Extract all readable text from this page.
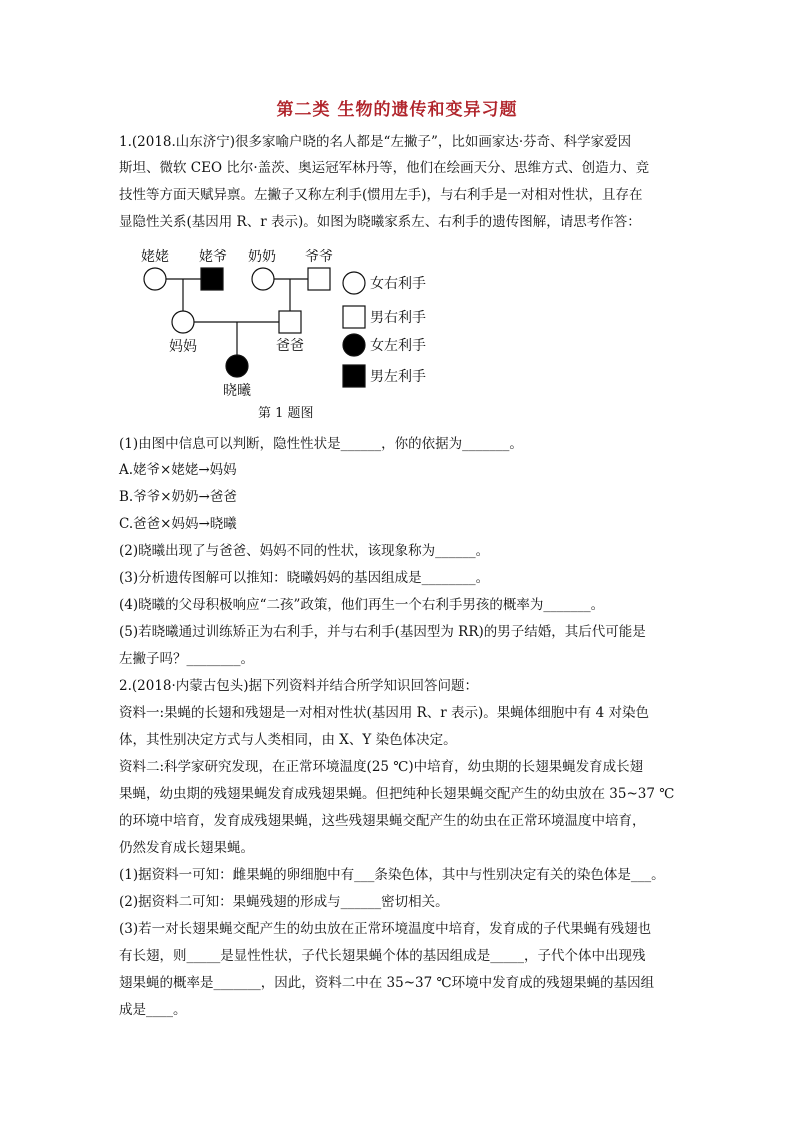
第二类 生物的遗传和变异习题
1.(2018.山东济宁)很多家喻户晓的名人都是“左撇子”，比如画家达·芬奇、科学家爱因
斯坦、微软 CEO 比尔·盖茨、奥运冠军林丹等，他们在绘画天分、思维方式、创造力、竞
技性等方面天赋异禀。左撇子又称左利手(惯用左手)，与右利手是一对相对性状，且存在
显隐性关系(基因用 R、r 表示)。如图为晓曦家系左、右利手的遗传图解，请思考作答：
姥姥 姥爷 奶奶 爷爷
妈妈	爸爸
晓曦
女右利手
男右利手
女左利手
男左利手
第 1 题图
(1)由图中信息可以判断，隐性性状是______，你的依据为_______。
A.姥爷×姥姥→妈妈
B.爷爷×奶奶→爸爸
C.爸爸×妈妈→晓曦
(2)晓曦出现了与爸爸、妈妈不同的性状，该现象称为______。
(3)分析遗传图解可以推知：晓曦妈妈的基因组成是________。
(4)晓曦的父母积极响应“二孩”政策，他们再生一个右利手男孩的概率为_______。
(5)若晓曦通过训练矫正为右利手，并与右利手(基因型为 RR)的男子结婚，其后代可能是
左撇子吗？________。
2.(2018·内蒙古包头)据下列资料并结合所学知识回答问题：
资料一:果蝇的长翅和残翅是一对相对性状(基因用 R、r 表示)。果蝇体细胞中有 4 对染色
体，其性别决定方式与人类相同，由 X、Y 染色体决定。
资料二:科学家研究发现，在正常环境温度(25 ℃)中培育，幼虫期的长翅果蝇发育成长翅
果蝇，幼虫期的残翅果蝇发育成残翅果蝇。但把纯种长翅果蝇交配产生的幼虫放在 35~37 ℃
的环境中培育，发育成残翅果蝇，这些残翅果蝇交配产生的幼虫在正常环境温度中培育，
仍然发育成长翅果蝇。
(1)据资料一可知：雌果蝇的卵细胞中有___条染色体，其中与性别决定有关的染色体是___。
(2)据资料二可知：果蝇残翅的形成与______密切相关。
(3)若一对长翅果蝇交配产生的幼虫放在正常环境温度中培育，发育成的子代果蝇有残翅也
有长翅，则_____是显性性状，子代长翅果蝇个体的基因组成是_____，子代个体中出现残
翅果蝇的概率是_______，因此，资料二中在 35~37 ℃环境中发育成的残翅果蝇的基因组
成是____。
